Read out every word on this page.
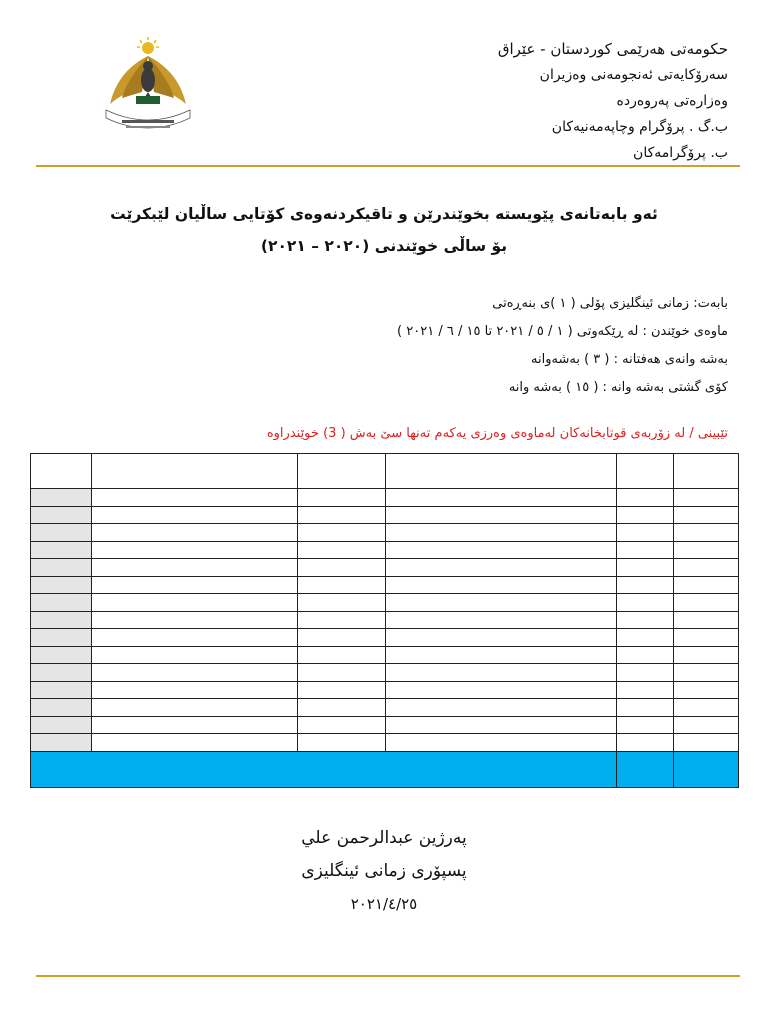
حکومەتی هەرێمی کوردستان - عێراق
سەرۆکایەتی ئەنجومەنی وەزیران
وەزارەتی پەروەردە
ب.گ . پرۆگرام وچاپەمەنیەکان
ب. پرۆگرامەکان
ئەو بابەتانەی پێویستە بخوێندرێن و تاقیکردنەوەی کۆتایی ساڵیان لێبکرێت
بۆ ساڵی خوێندنی (٢٠٢٠ – ٢٠٢١)
بابەت: زمانی ئینگلیزی پۆلی ( ١ )ی بنەڕەتی
ماوەی خوێندن : لە ڕێکەوتی ( ١ / ٥ / ٢٠٢١ تا ١٥ / ٦ / ٢٠٢١ )
بەشە وانەی هەفتانە : ( ٣ ) بەشەوانە
کۆی گشتی بەشە وانە : ( ١٥ ) بەشە وانە
تێبینی / لە زۆربەی قوتابخانەکان لەماوەی وەرزی یەکەم تەنها سێ بەش ( 3) خوێندراوە

پەرژین عبدالرحمن علي
پسپۆری زمانی ئینگلیزی
٢٠٢١/٤/٢٥
